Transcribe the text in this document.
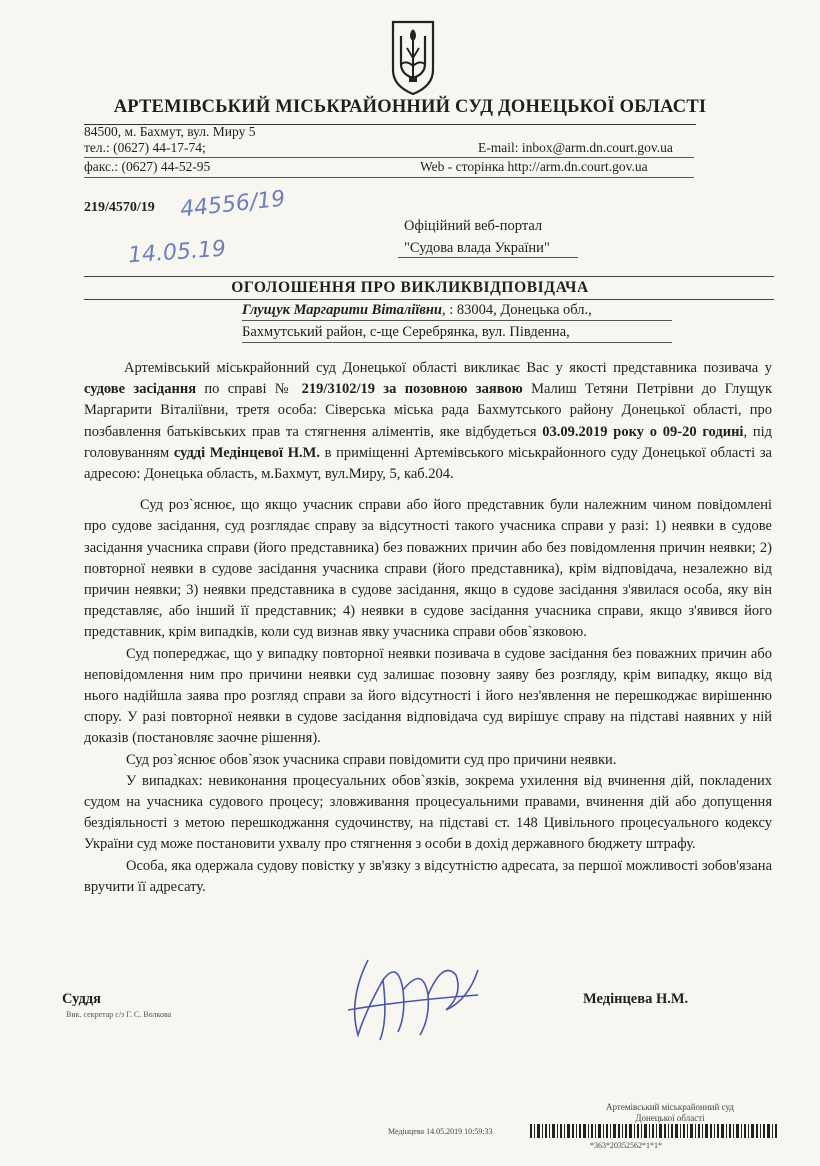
АРТЕМІВСЬКИЙ МІСЬКРАЙОННИЙ СУД ДОНЕЦЬКОЇ ОБЛАСТІ
84500, м. Бахмут, вул. Миру 5
тел.: (0627) 44-17-74;
факс.: (0627) 44-52-95
E-mail: inbox@arm.dn.court.gov.ua
Web - сторінка http://arm.dn.court.gov.ua
219/4570/19 44556/19
14.05.19
Офіційний веб-портал
"Судова влада України"
ОГОЛОШЕННЯ ПРО ВИКЛИКВІДПОВІДАЧА
Глущук Маргарити Віталіївни, : 83004, Донецька обл.,
Бахмутський район, с-ще Серебрянка, вул. Південна,

Артемівський міськрайонний суд Донецької області викликає Вас у якості представника позивача у судове засідання по справі № 219/3102/19 за позовною заявою Малиш Тетяни Петрівни до Глущук Маргарити Віталіївни, третя особа: Сіверська міська рада Бахмутського району Донецької області, про позбавлення батьківських прав та стягнення аліментів, яке відбудеться 03.09.2019 року о 09-20 годині, під головуванням судді Медінцевої Н.М. в приміщенні Артемівського міськрайонного суду Донецької області за адресою: Донецька область, м.Бахмут, вул.Миру, 5, каб.204.

Суд роз`яснює, що якщо учасник справи або його представник були належним чином повідомлені про судове засідання, суд розглядає справу за відсутності такого учасника справи у разі: 1) неявки в судове засідання учасника справи (його представника) без поважних причин або без повідомлення причин неявки; 2) повторної неявки в судове засідання учасника справи (його представника), крім відповідача, незалежно від причин неявки; 3) неявки представника в судове засідання, якщо в судове засідання з'явилася особа, яку він представляє, або інший її представник; 4) неявки в судове засідання учасника справи, якщо з'явився його представник, крім випадків, коли суд визнав явку учасника справи обов`язковою.

Суд попереджає, що у випадку повторної неявки позивача в судове засідання без поважних причин або неповідомлення ним про причини неявки суд залишає позовну заяву без розгляду, крім випадку, якщо від нього надійшла заява про розгляд справи за його відсутності і його нез'явлення не перешкоджає вирішенню спору. У разі повторної неявки в судове засідання відповідача суд вирішує справу на підставі наявних у ній доказів (постановляє заочне рішення).

Суд роз`яснює обов`язок учасника справи повідомити суд про причини неявки.

У випадках: невиконання процесуальних обов`язків, зокрема ухилення від вчинення дій, покладених судом на учасника судового процесу; зловживання процесуальними правами, вчинення дій або допущення бездіяльності з метою перешкоджання судочинству, на підставі ст. 148 Цивільного процесуального кодексу України суд може постановити ухвалу про стягнення з особи в дохід державного бюджету штрафу.

Особа, яка одержала судову повістку у зв'язку з відсутністю адресата, за першої можливості зобов'язана вручити її адресату.

Суддя
Вик. секретар с/з Г. С. Волкова
Медінцева Н.М.
Артемівський міськрайонний суд
Донецької області
Медінцева 14.05.2019 10:59:33
*363*20352562*1*1*
